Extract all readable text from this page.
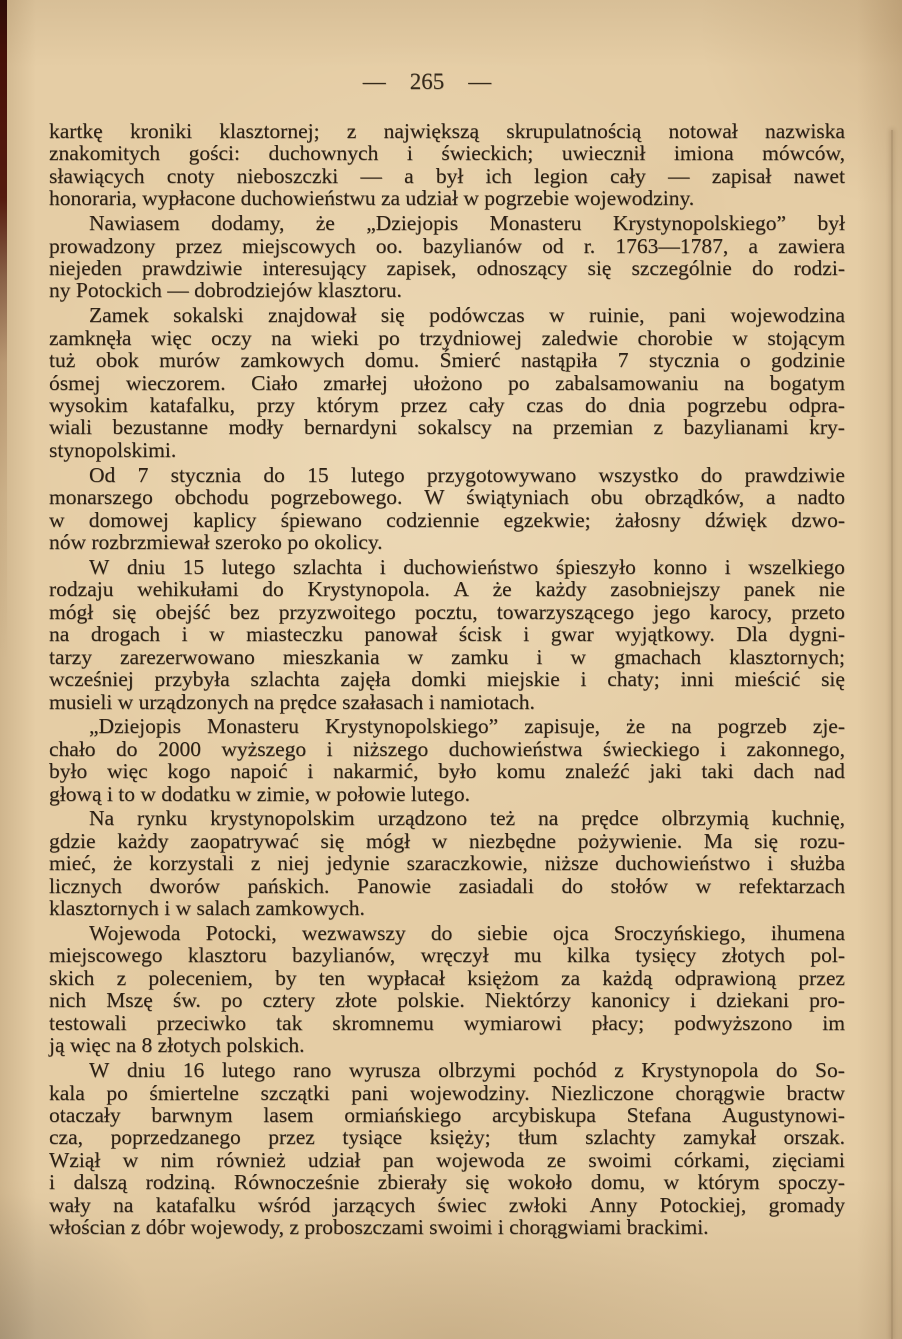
— 265 —
kartkę kroniki klasztornej; z największą skrupulatnością notował nazwiska
znakomitych gości: duchownych i świeckich; uwiecznił imiona mówców,
sławiących cnoty nieboszczki — a był ich legion cały — zapisał nawet
honoraria, wypłacone duchowieństwu za udział w pogrzebie wojewodziny.
Nawiasem dodamy, że „Dziejopis Monasteru Krystynopolskiego” był
prowadzony przez miejscowych oo. bazylianów od r. 1763—1787, a zawiera
niejeden prawdziwie interesujący zapisek, odnoszący się szczególnie do rodzi-
ny Potockich — dobrodziejów klasztoru.
Zamek sokalski znajdował się podówczas w ruinie, pani wojewodzina
zamknęła więc oczy na wieki po trzydniowej zaledwie chorobie w stojącym
tuż obok murów zamkowych domu. Śmierć nastąpiła 7 stycznia o godzinie
ósmej wieczorem. Ciało zmarłej ułożono po zabalsamowaniu na bogatym
wysokim katafalku, przy którym przez cały czas do dnia pogrzebu odpra-
wiali bezustanne modły bernardyni sokalscy na przemian z bazylianami kry-
stynopolskimi.
Od 7 stycznia do 15 lutego przygotowywano wszystko do prawdziwie
monarszego obchodu pogrzebowego. W świątyniach obu obrządków, a nadto
w domowej kaplicy śpiewano codziennie egzekwie; żałosny dźwięk dzwo-
nów rozbrzmiewał szeroko po okolicy.
W dniu 15 lutego szlachta i duchowieństwo śpieszyło konno i wszelkiego
rodzaju wehikułami do Krystynopola. A że każdy zasobniejszy panek nie
mógł się obejść bez przyzwoitego pocztu, towarzyszącego jego karocy, przeto
na drogach i w miasteczku panował ścisk i gwar wyjątkowy. Dla dygni-
tarzy zarezerwowano mieszkania w zamku i w gmachach klasztornych;
wcześniej przybyła szlachta zajęła domki miejskie i chaty; inni mieścić się
musieli w urządzonych na prędce szałasach i namiotach.
„Dziejopis Monasteru Krystynopolskiego” zapisuje, że na pogrzeb zje-
chało do 2000 wyższego i niższego duchowieństwa świeckiego i zakonnego,
było więc kogo napoić i nakarmić, było komu znaleźć jaki taki dach nad
głową i to w dodatku w zimie, w połowie lutego.
Na rynku krystynopolskim urządzono też na prędce olbrzymią kuchnię,
gdzie każdy zaopatrywać się mógł w niezbędne pożywienie. Ma się rozu-
mieć, że korzystali z niej jedynie szaraczkowie, niższe duchowieństwo i służba
licznych dworów pańskich. Panowie zasiadali do stołów w refektarzach
klasztornych i w salach zamkowych.
Wojewoda Potocki, wezwawszy do siebie ojca Sroczyńskiego, ihumena
miejscowego klasztoru bazylianów, wręczył mu kilka tysięcy złotych pol-
skich z poleceniem, by ten wypłacał księżom za każdą odprawioną przez
nich Mszę św. po cztery złote polskie. Niektórzy kanonicy i dziekani pro-
testowali przeciwko tak skromnemu wymiarowi płacy; podwyższono im
ją więc na 8 złotych polskich.
W dniu 16 lutego rano wyrusza olbrzymi pochód z Krystynopola do So-
kala po śmiertelne szczątki pani wojewodziny. Niezliczone chorągwie bractw
otaczały barwnym lasem ormiańskiego arcybiskupa Stefana Augustynowi-
cza, poprzedzanego przez tysiące księży; tłum szlachty zamykał orszak.
Wziął w nim również udział pan wojewoda ze swoimi córkami, zięciami
i dalszą rodziną. Równocześnie zbierały się wokoło domu, w którym spoczy-
wały na katafalku wśród jarzących świec zwłoki Anny Potockiej, gromady
włościan z dóbr wojewody, z proboszczami swoimi i chorągwiami brackimi.
